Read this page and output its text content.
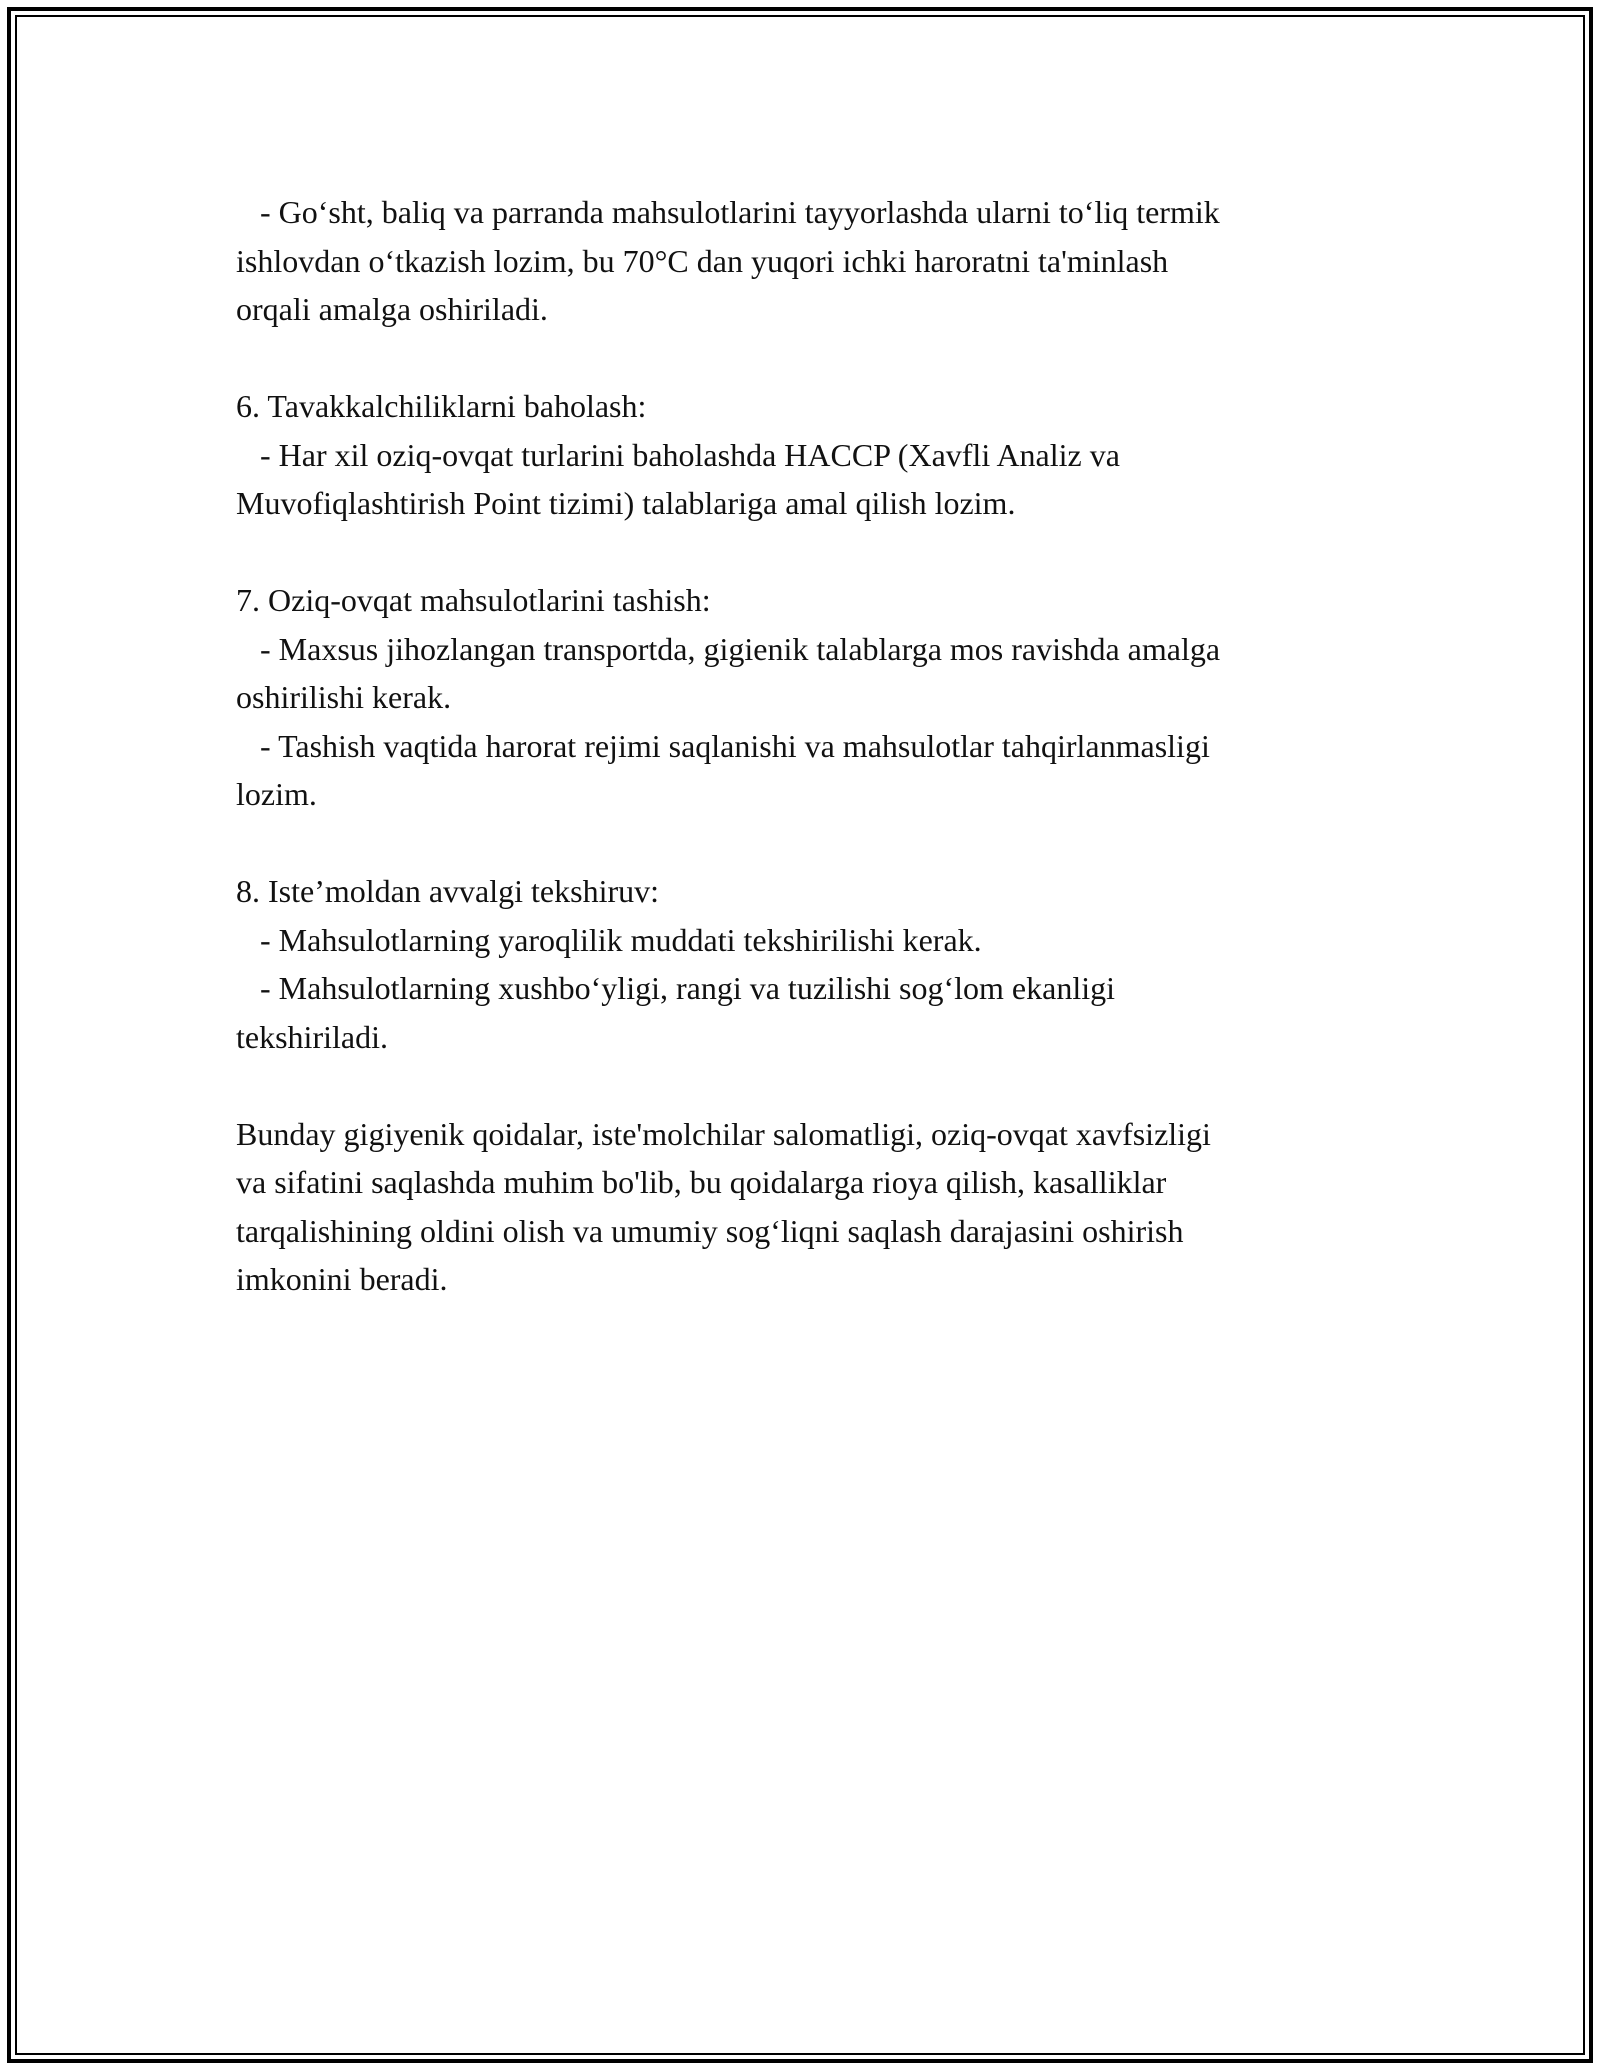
- Go‘sht, baliq va parranda mahsulotlarini tayyorlashda ularni to‘liq termik
ishlovdan o‘tkazish lozim, bu 70°C dan yuqori ichki haroratni ta'minlash
orqali amalga oshiriladi.
6. Tavakkalchiliklarni baholash:
- Har xil oziq-ovqat turlarini baholashda HACCP (Xavfli Analiz va
Muvofiqlashtirish Point tizimi) talablariga amal qilish lozim.
7. Oziq-ovqat mahsulotlarini tashish:
- Maxsus jihozlangan transportda, gigienik talablarga mos ravishda amalga
oshirilishi kerak.
- Tashish vaqtida harorat rejimi saqlanishi va mahsulotlar tahqirlanmasligi
lozim.
8. Iste’moldan avvalgi tekshiruv:
- Mahsulotlarning yaroqlilik muddati tekshirilishi kerak.
- Mahsulotlarning xushbo‘yligi, rangi va tuzilishi sog‘lom ekanligi
tekshiriladi.
Bunday gigiyenik qoidalar, iste'molchilar salomatligi, oziq-ovqat xavfsizligi
va sifatini saqlashda muhim bo'lib, bu qoidalarga rioya qilish, kasalliklar
tarqalishining oldini olish va umumiy sog‘liqni saqlash darajasini oshirish
imkonini beradi.
